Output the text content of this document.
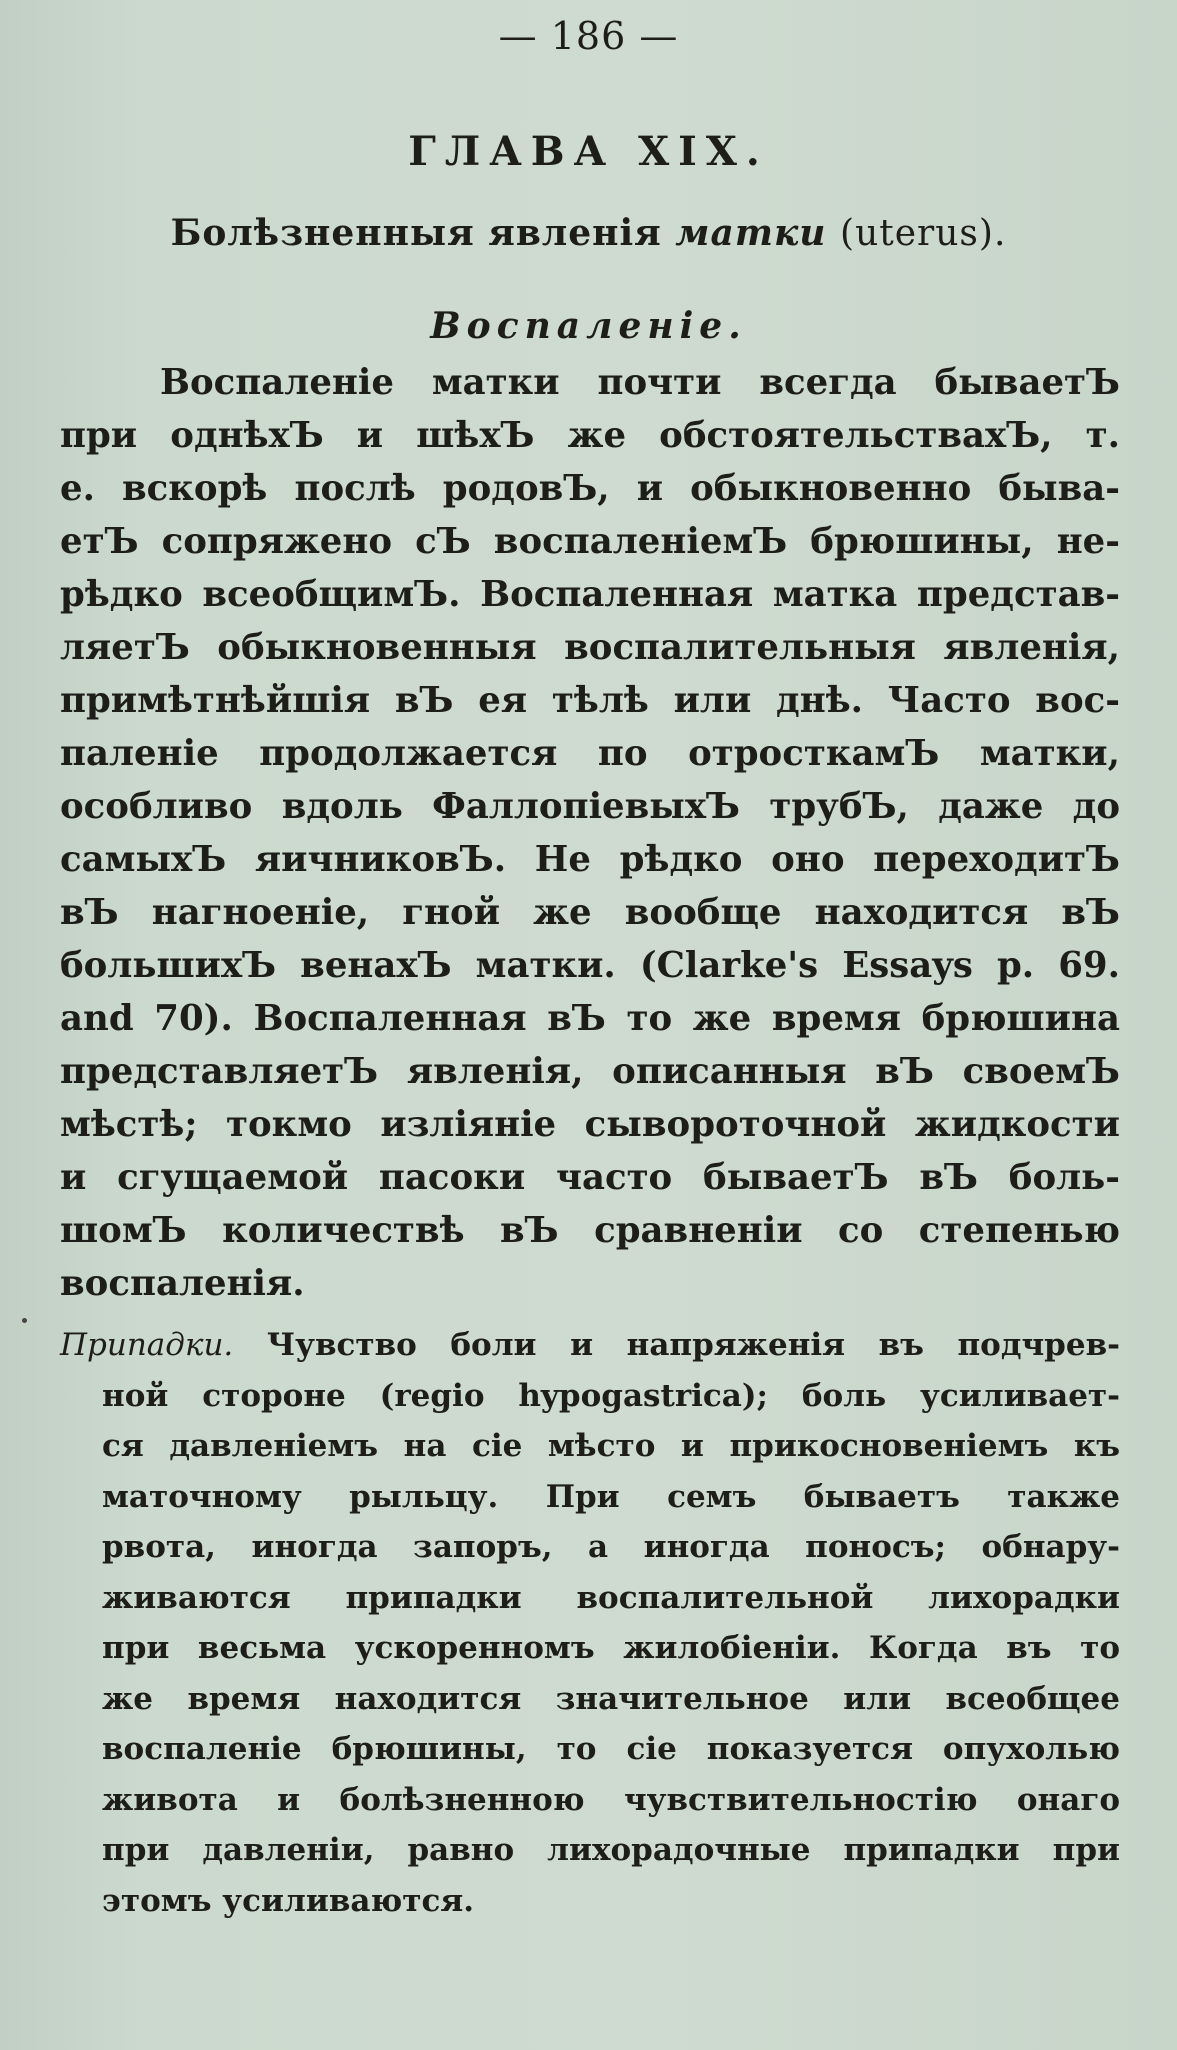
— 186 —
ГЛАВА XIX.
Болѣзненныя явленія матки (uterus).
Воспаленіе.
Воспаленіе матки почти всегда бываетЪ
при однѣхЪ и шѣхЪ же обстоятельствахЪ, т.
е. вскорѣ послѣ родовЪ, и обыкновенно быва-
етЪ сопряжено сЪ воспаленіемЪ брюшины, не-
рѣдко всеобщимЪ. Воспаленная матка представ-
ляетЪ обыкновенныя воспалительныя явленія,
примѣтнѣйшія вЪ ея тѣлѣ или днѣ. Часто вос-
паленіе продолжается по отросткамЪ матки,
особливо вдоль ФаллопіевыхЪ трубЪ, даже до
самыхЪ яичниковЪ. Не рѣдко оно переходитЪ
вЪ нагноеніе, гной же вообще находится вЪ
большихЪ венахЪ матки. (Clarke's Essays p. 69.
and 70). Воспаленная вЪ то же время брюшина
представляетЪ явленія, описанныя вЪ своемЪ
мѣстѣ; токмо изліяніе сывороточной жидкости
и сгущаемой пасоки часто бываетЪ вЪ боль-
шомЪ количествѣ вЪ сравненіи со степенью
воспаленія.
Припадки. Чувство боли и напряженія въ подчрев-
ной стороне (regio hypogastrica); боль усиливает-
ся давленіемъ на сіе мѣсто и прикосновеніемъ къ
маточному рыльцу. При семъ бываетъ также
рвота, иногда запоръ, а иногда поносъ; обнару-
живаются припадки воспалительной лихорадки
при весьма ускоренномъ жилобіеніи. Когда въ то
же время находится значительное или всеобщее
воспаленіе брюшины, то сіе показуется опухолью
живота и болѣзненною чувствительностію онаго
при давленіи, равно лихорадочные припадки при
этомъ усиливаются.
